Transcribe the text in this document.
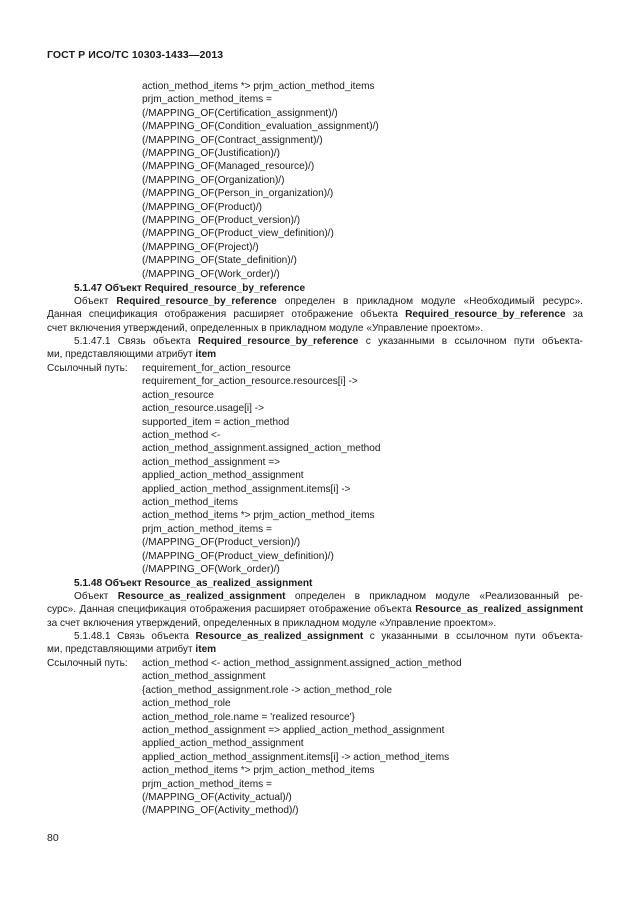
ГОСТ Р ИСО/ТС 10303-1433—2013
action_method_items *> prjm_action_method_items
prjm_action_method_items =
(/MAPPING_OF(Certification_assignment)/)
(/MAPPING_OF(Condition_evaluation_assignment)/)
(/MAPPING_OF(Contract_assignment)/)
(/MAPPING_OF(Justification)/)
(/MAPPING_OF(Managed_resource)/)
(/MAPPING_OF(Organization)/)
(/MAPPING_OF(Person_in_organization)/)
(/MAPPING_OF(Product)/)
(/MAPPING_OF(Product_version)/)
(/MAPPING_OF(Product_view_definition)/)
(/MAPPING_OF(Project)/)
(/MAPPING_OF(State_definition)/)
(/MAPPING_OF(Work_order)/)
5.1.47 Объект Required_resource_by_reference

Объект Required_resource_by_reference определен в прикладном модуле «Необходимый ресурс».

Данная спецификация отображения расширяет отображение объекта Required_resource_by_reference за

счет включения утверждений, определенных в прикладном модуле «Управление проектом».

5.1.47.1 Связь объекта Required_resource_by_reference с указанными в ссылочном пути объекта-

ми, представляющими атрибут item

Ссылочный путь: requirement_for_action_resource
requirement_for_action_resource.resources[i] ->
action_resource
action_resource.usage[i] ->
supported_item = action_method
action_method <-
action_method_assignment.assigned_action_method
action_method_assignment =>
applied_action_method_assignment
applied_action_method_assignment.items[i] ->
action_method_items
action_method_items *> prjm_action_method_items
prjm_action_method_items =
(/MAPPING_OF(Product_version)/)
(/MAPPING_OF(Product_view_definition)/)
(/MAPPING_OF(Work_order)/)
5.1.48 Объект Resource_as_realized_assignment

Объект Resource_as_realized_assignment определен в прикладном модуле «Реализованный ре-

сурс». Данная спецификация отображения расширяет отображение объекта Resource_as_realized_assignment

за счет включения утверждений, определенных в прикладном модуле «Управление проектом».

5.1.48.1 Связь объекта Resource_as_realized_assignment с указанными в ссылочном пути объекта-

ми, представляющими атрибут item

Ссылочный путь: action_method <- action_method_assignment.assigned_action_method
action_method_assignment
{action_method_assignment.role -> action_method_role
action_method_role
action_method_role.name = 'realized resource'}
action_method_assignment => applied_action_method_assignment
applied_action_method_assignment
applied_action_method_assignment.items[i] -> action_method_items
action_method_items *> prjm_action_method_items
prjm_action_method_items =
(/MAPPING_OF(Activity_actual)/)
(/MAPPING_OF(Activity_method)/)
80
